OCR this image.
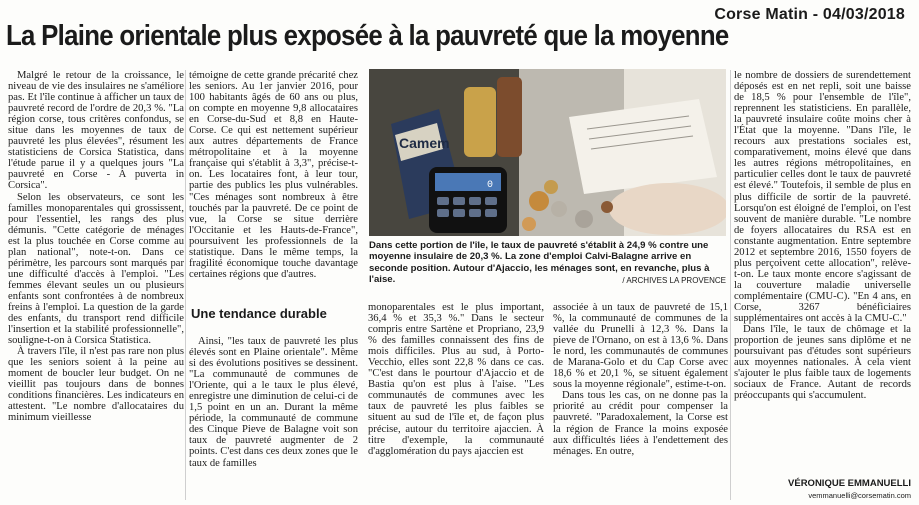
Corse Matin - 04/03/2018
La Plaine orientale plus exposée à la pauvreté que la moyenne

Malgré le retour de la croissance, le niveau de vie des insulaires ne s'améliore pas. Et l'île continue à afficher un taux de pauvreté record de l'ordre de 20,3 %. "La région corse, tous critères confondus, se situe dans les moyennes de taux de pauvreté les plus élevées", résument les statisticiens de Corsica Statistica, dans l'étude parue il y a quelques jours "La pauvreté en Corse - A puverta in Corsica".

Selon les observateurs, ce sont les familles monoparentales qui grossissent, pour l'essentiel, les rangs des plus démunis. "Cette catégorie de ménages est la plus touchée en Corse comme au plan national", note-t-on. Dans ce périmètre, les parcours sont marqués par une difficulté d'accès à l'emploi. "Les femmes élevant seules un ou plusieurs enfants sont confrontées à de nombreux freins à l'emploi. La question de la garde des enfants, du transport rend difficile l'insertion et la stabilité professionnelle", souligne-t-on à Corsica Statistica.

À travers l'île, il n'est pas rare non plus que les seniors soient à la peine au moment de boucler leur budget. On ne vieillit pas toujours dans de bonnes conditions financières. Les indicateurs en attestent. "Le nombre d'allocataires du minimum vieillesse

témoigne de cette grande précarité chez les seniors. Au 1er janvier 2016, pour 100 habitants âgés de 60 ans ou plus, on compte en moyenne 9,8 allocataires en Corse-du-Sud et 8,8 en Haute-Corse. Ce qui est nettement supérieur aux autres départements de France métropolitaine et à la moyenne française qui s'établit à 3,3", précise-t-on. Les locataires font, à leur tour, partie des publics les plus vulnérables. "Ces ménages sont nombreux à être touchés par la pauvreté. De ce point de vue, la Corse se situe derrière l'Occitanie et les Hauts-de-France", poursuivent les professionnels de la statistique. Dans le même temps, la fragilité économique touche davantage certaines régions que d'autres.

Une tendance durable

Ainsi, "les taux de pauvreté les plus élevés sont en Plaine orientale". Même si des évolutions positives se dessinent. "La communauté de communes de l'Oriente, qui a le taux le plus élevé, enregistre une diminution de celui-ci de 1,5 point en un an. Durant la même période, la communauté de commune des Cinque Pieve de Balagne voit son taux de pauvreté augmenter de 2 points. C'est dans ces deux zones que le taux de familles

Camem
0
Dans cette portion de l'île, le taux de pauvreté s'établit à 24,9 % contre une moyenne insulaire de 20,3 %. La zone d'emploi Calvi-Balagne arrive en seconde position. Autour d'Ajaccio, les ménages sont, en revanche, plus à l'aise.	/ ARCHIVES LA PROVENCE

monoparentales est le plus important, 36,4 % et 35,3 %." Dans le secteur compris entre Sartène et Propriano, 23,9 % des familles connaissent des fins de mois difficiles. Plus au sud, à Porto-Vecchio, elles sont 22,8 % dans ce cas. "C'est dans le pourtour d'Ajaccio et de Bastia qu'on est plus à l'aise. "Les communautés de communes avec les taux de pauvreté les plus faibles se situent au sud de l'île et, de façon plus précise, autour du territoire ajaccien. À titre d'exemple, la communauté d'agglomération du pays ajaccien est

associée à un taux de pauvreté de 15,1 %, la communauté de communes de la vallée du Prunelli à 12,3 %. Dans la pieve de l'Ornano, on est à 13,6 %. Dans le nord, les communautés de communes de Marana-Golo et du Cap Corse avec 18,6 % et 20,1 %, se situent également sous la moyenne régionale", estime-t-on.

Dans tous les cas, on ne donne pas la priorité au crédit pour compenser la pauvreté. "Paradoxalement, la Corse est la région de France la moins exposée aux difficultés liées à l'endettement des ménages. En outre,

le nombre de dossiers de surendettement déposés est en net repli, soit une baisse de 18,5 % pour l'ensemble de l'île", reprennent les statisticiens. En parallèle, la pauvreté insulaire coûte moins cher à l'État que la moyenne. "Dans l'île, le recours aux prestations sociales est, comparativement, moins élevé que dans les autres régions métropolitaines, en particulier celles dont le taux de pauvreté est élevé." Toutefois, il semble de plus en plus difficile de sortir de la pauvreté. Lorsqu'on est éloigné de l'emploi, on l'est souvent de manière durable. "Le nombre de foyers allocataires du RSA est en constante augmentation. Entre septembre 2012 et septembre 2016, 1550 foyers de plus perçoivent cette allocation", relève-t-on. Le taux monte encore s'agissant de la couverture maladie universelle complémentaire (CMU-C). "En 4 ans, en Corse, 3267 bénéficiaires supplémentaires ont accès à la CMU-C."

Dans l'île, le taux de chômage et la proportion de jeunes sans diplôme et ne poursuivant pas d'études sont supérieurs aux moyennes nationales. À cela vient s'ajouter le plus faible taux de logements sociaux de France. Autant de records préoccupants qui s'accumulent.

VÉRONIQUE EMMANUELLI
vemmanuelli@corsematin.com
